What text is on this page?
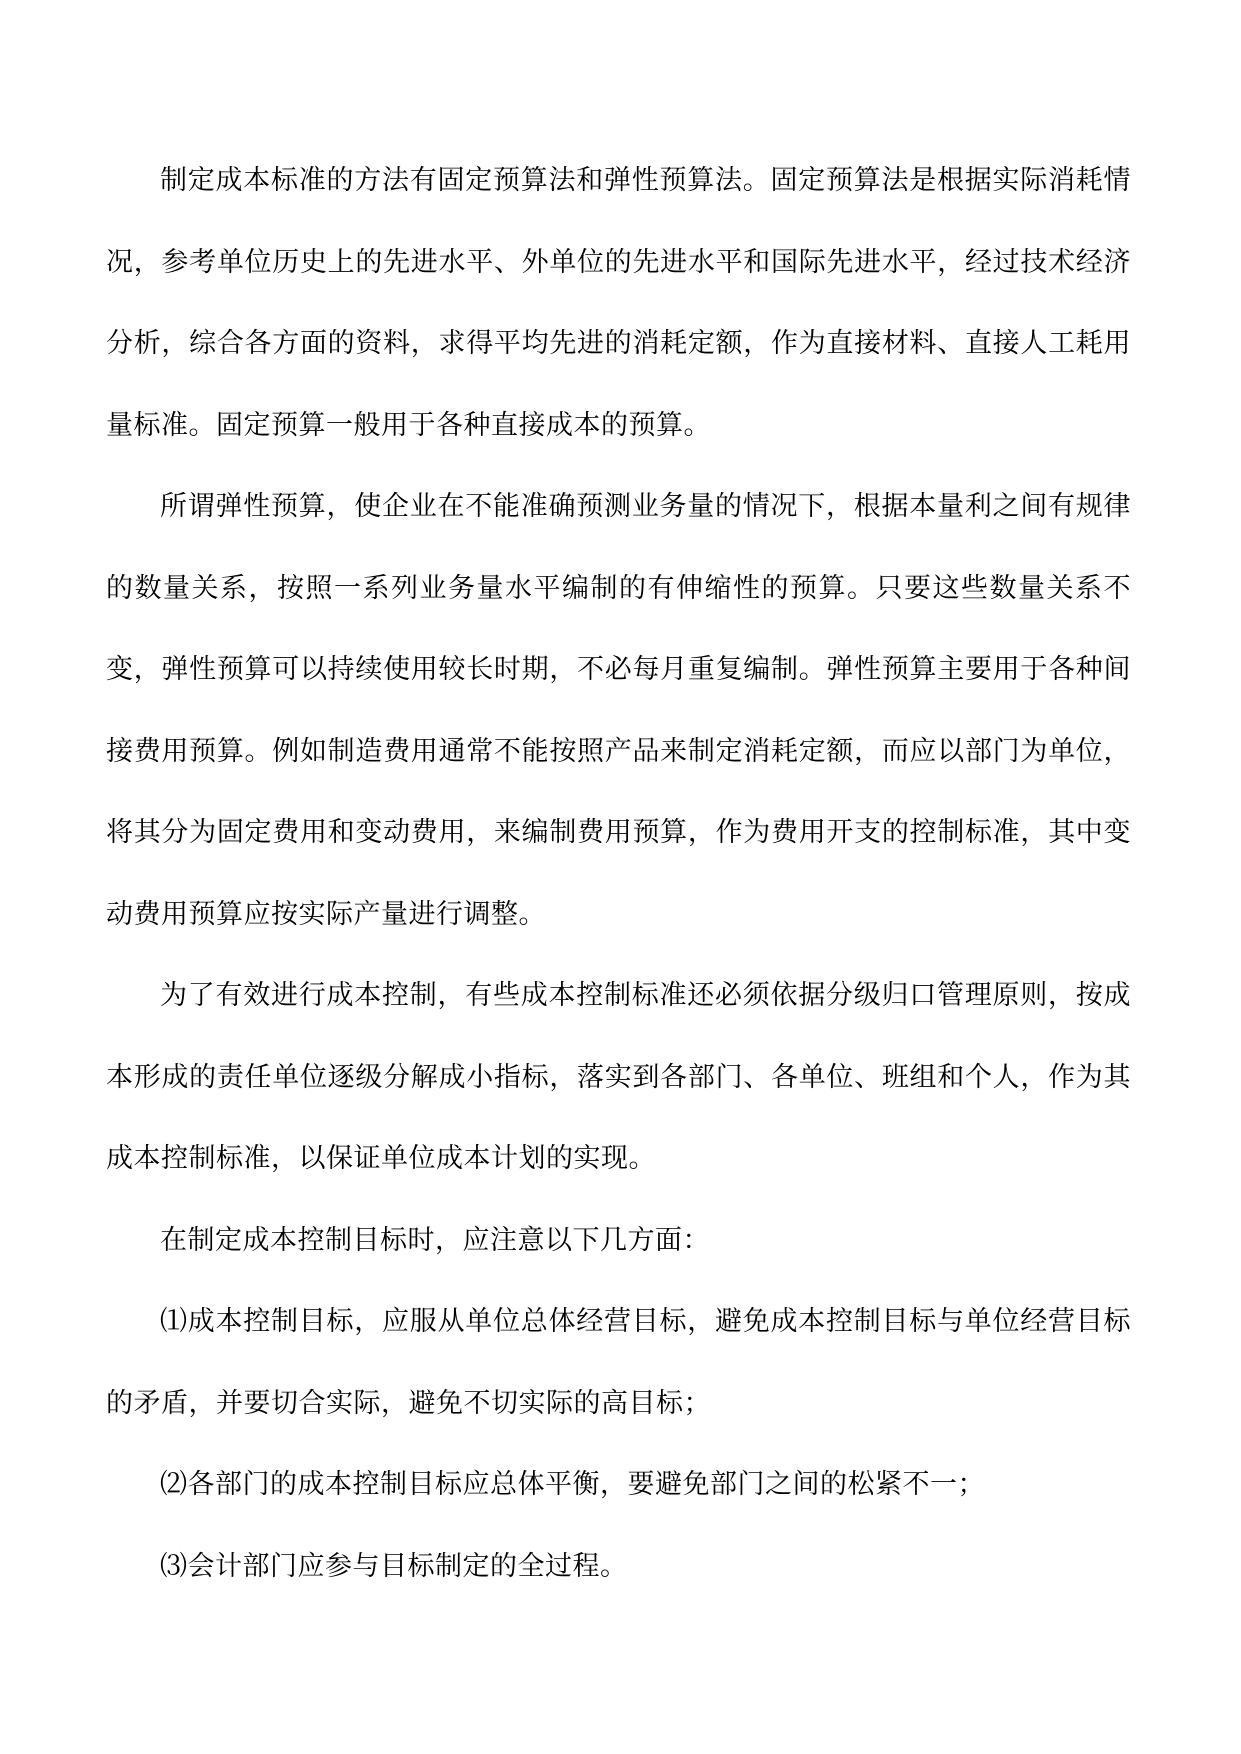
制定成本标准的方法有固定预算法和弹性预算法。固定预算法是根据实际消耗情况，参考单位历史上的先进水平、外单位的先进水平和国际先进水平，经过技术经济分析，综合各方面的资料，求得平均先进的消耗定额，作为直接材料、直接人工耗用量标准。固定预算一般用于各种直接成本的预算。

所谓弹性预算，使企业在不能准确预测业务量的情况下，根据本量利之间有规律的数量关系，按照一系列业务量水平编制的有伸缩性的预算。只要这些数量关系不变，弹性预算可以持续使用较长时期，不必每月重复编制。弹性预算主要用于各种间接费用预算。例如制造费用通常不能按照产品来制定消耗定额，而应以部门为单位，将其分为固定费用和变动费用，来编制费用预算，作为费用开支的控制标准，其中变动费用预算应按实际产量进行调整。

为了有效进行成本控制，有些成本控制标准还必须依据分级归口管理原则，按成本形成的责任单位逐级分解成小指标，落实到各部门、各单位、班组和个人，作为其成本控制标准，以保证单位成本计划的实现。

在制定成本控制目标时，应注意以下几方面：

⑴成本控制目标，应服从单位总体经营目标，避免成本控制目标与单位经营目标的矛盾，并要切合实际，避免不切实际的高目标；

⑵各部门的成本控制目标应总体平衡，要避免部门之间的松紧不一；

⑶会计部门应参与目标制定的全过程。
